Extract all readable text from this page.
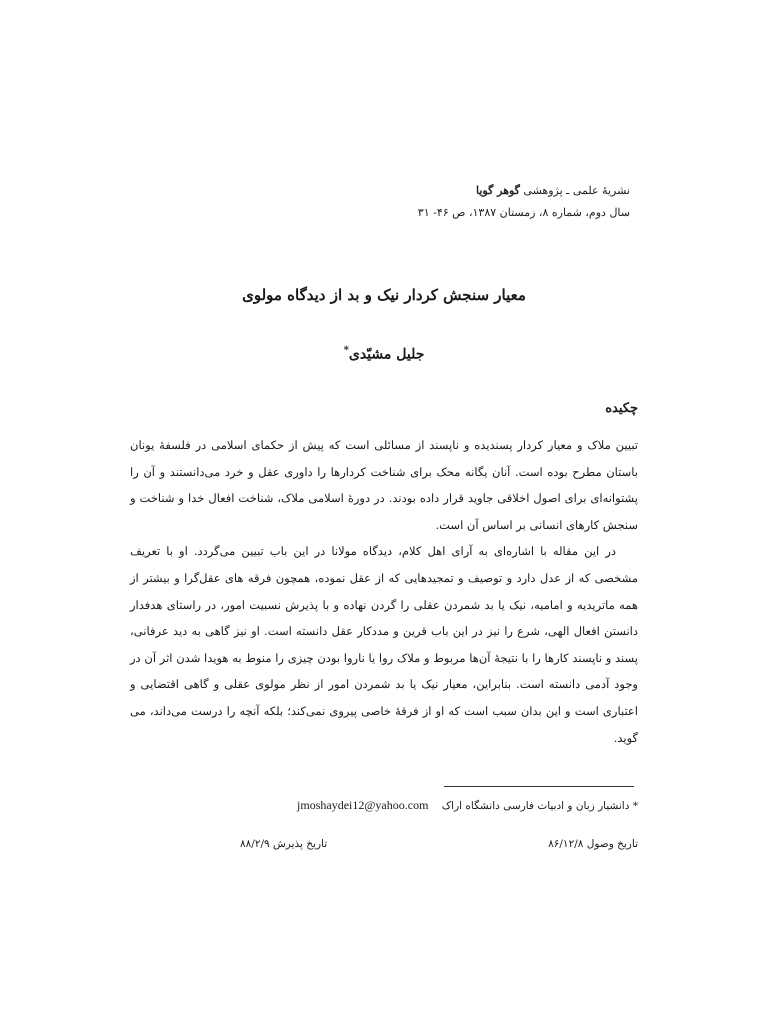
نشریهٔ علمی ـ پژوهشی گوهر گویا
سال دوم، شماره ۸، زمستان ۱۳۸۷، ص ۴۶- ۳۱
معیار سنجش کردار نیک و بد از دیدگاه مولوی
جلیل مشیّدی*
چکیده

تبیین ملاک و معیار کردار پسندیده و ناپسند از مسائلی است که پیش از حکمای اسلامی در فلسفهٔ یونان باستان مطرح بوده است. آنان یگانه محک برای شناخت کردارها را داوری عقل و خرد می‌دانستند و آن را پشتوانه‌ای برای اصول اخلاقی جاوید قرار داده بودند. در دورهٔ اسلامی ملاک، شناخت افعال خدا و شناخت و سنجش کارهای انسانی بر اساس آن است.

در این مقاله با اشاره‌ای به آرای اهل کلام، دیدگاه مولانا در این باب تبیین می‌گردد. او با تعریف مشخصی که از عدل دارد و توصیف و تمجیدهایی که از عقل نموده، همچون فرقه های عقل‌گرا و بیشتر از همه ماتریدیه و امامیه، نیک یا بد شمردن عقلی را گردن نهاده و با پذیرش نسبیت امور، در راستای هدفدار دانستن افعال الهی، شرع را نیز در این باب قرین و مددکار عقل دانسته است. او نیز گاهی به دید عرفانی، پسند و ناپسند کارها را با نتیجهٔ آن‌ها مربوط و ملاک روا یا ناروا بودن چیزی را منوط به هویدا شدن اثر آن در وجود آدمی دانسته است. بنابراین، معیار نیک یا بد شمردن امور از نظر مولوی عقلی و گاهی اقتضایی و اعتباری است و این بدان سبب است که او از فرقهٔ خاصی پیروی نمی‌کند؛ بلکه آنچه را درست می‌داند، می گوید.

* دانشیار زبان و ادبیات فارسی دانشگاه اراک    jmoshaydei12@yahoo.com
تاریخ وصول ۸۶/۱۲/۸
تاریخ پذیرش ۸۸/۲/۹
